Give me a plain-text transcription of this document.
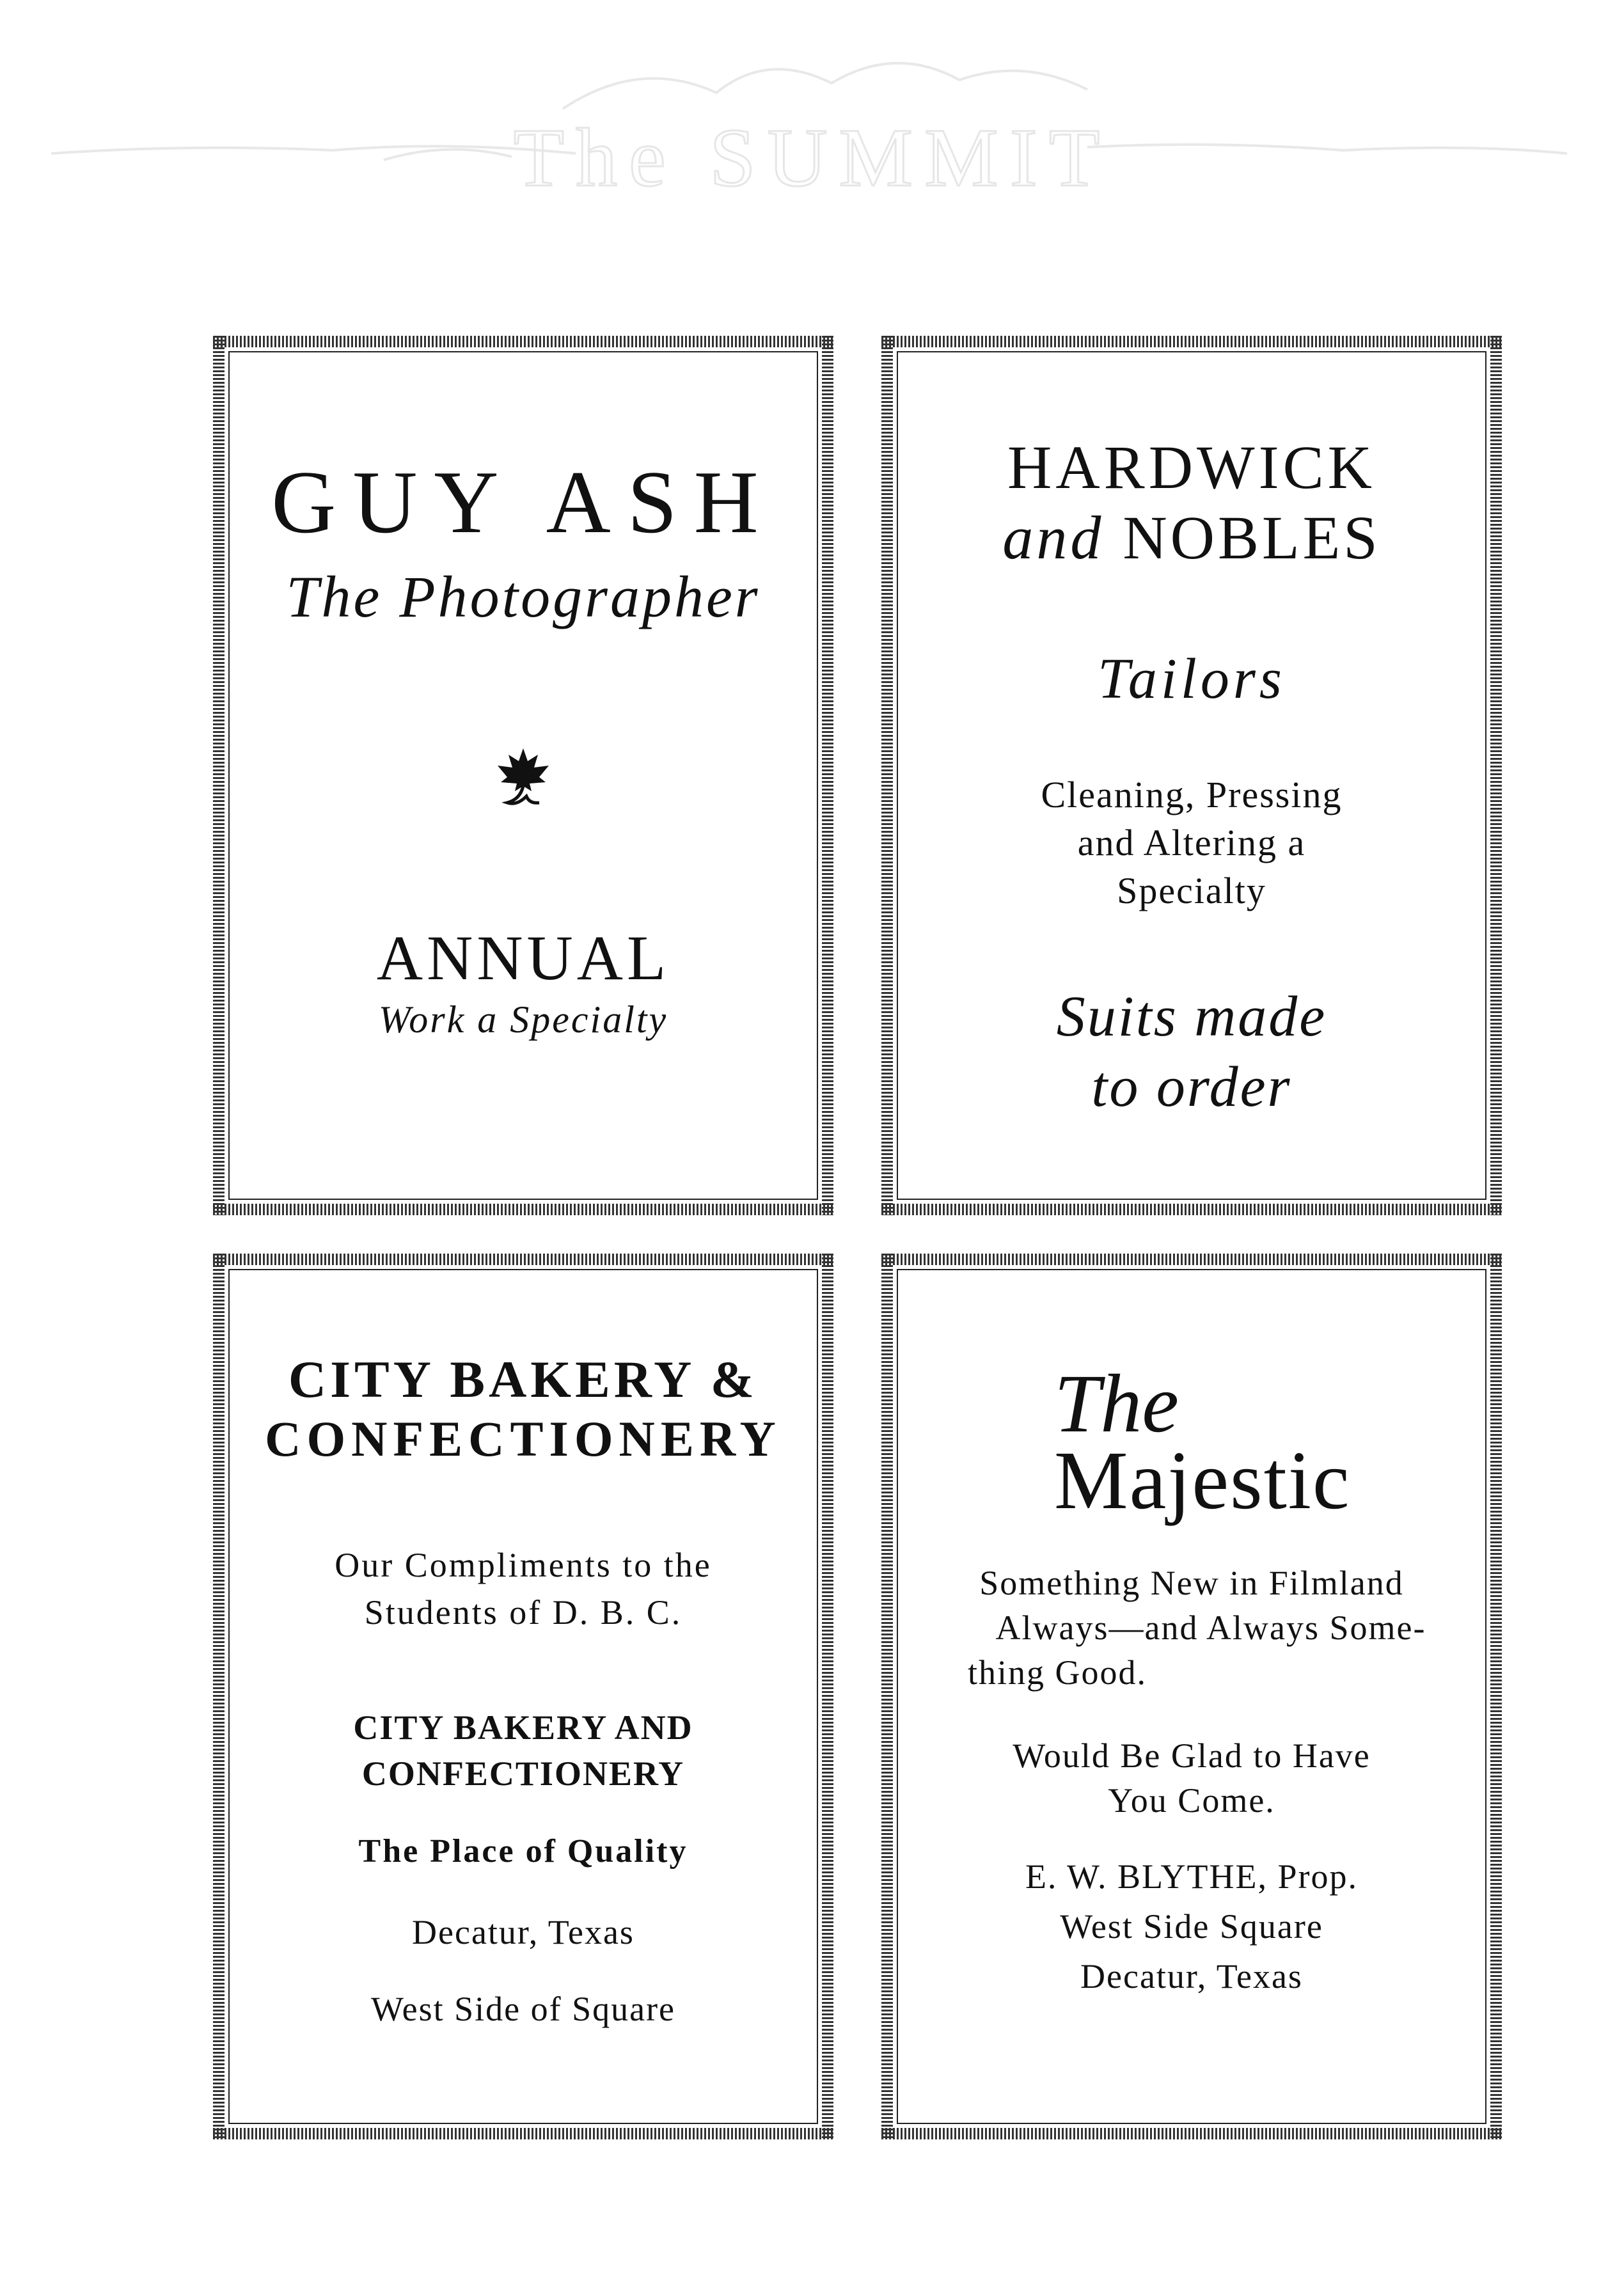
The SUMMIT
GUY ASH
The Photographer
ANNUAL
Work a Specialty
HARDWICK
and NOBLES
Tailors
Cleaning, Pressing
and Altering a
Specialty
Suits made
to order
CITY BAKERY &
CONFECTIONERY
Our Compliments to the
Students of D. B. C.
CITY BAKERY AND
CONFECTIONERY
The Place of Quality
Decatur, Texas
West Side of Square
The
Majestic
Something New in Filmland
Always—and Always Some-
thing Good.
Would Be Glad to Have
You Come.
E. W. BLYTHE, Prop.
West Side Square
Decatur, Texas
